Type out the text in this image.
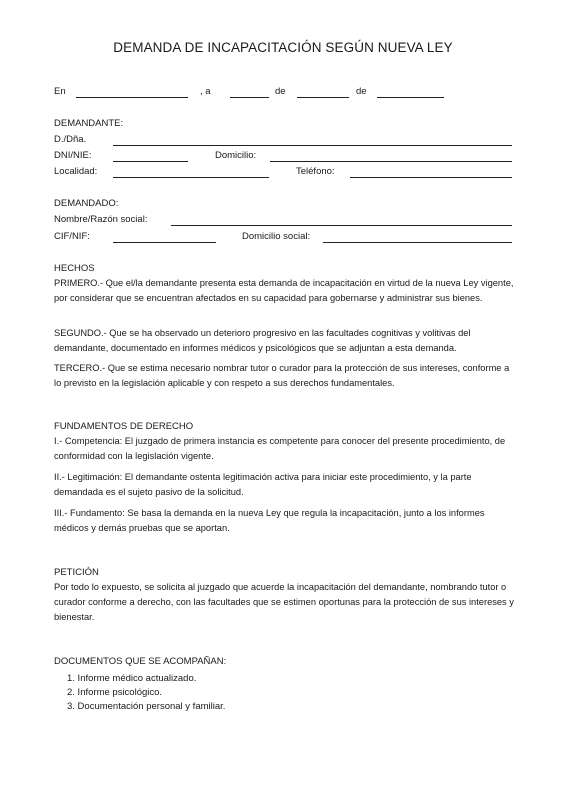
DEMANDA DE INCAPACITACIÓN SEGÚN NUEVA LEY
En	, a	de	de
DEMANDANTE:
D./Dña.
DNI/NIE:	Domicilio:
Localidad:	Teléfono:
DEMANDADO:
Nombre/Razón social:
CIF/NIF:	Domicilio social:
HECHOS

PRIMERO.- Que el/la demandante presenta esta demanda de incapacitación en virtud de la nueva Ley vigente, por considerar que se encuentran afectados en su capacidad para gobernarse y administrar sus bienes.

SEGUNDO.- Que se ha observado un deterioro progresivo en las facultades cognitivas y volitivas del demandante, documentado en informes médicos y psicológicos que se adjuntan a esta demanda.

TERCERO.- Que se estima necesario nombrar tutor o curador para la protección de sus intereses, conforme a lo previsto en la legislación aplicable y con respeto a sus derechos fundamentales.

FUNDAMENTOS DE DERECHO

I.- Competencia: El juzgado de primera instancia es competente para conocer del presente procedimiento, de conformidad con la legislación vigente.

II.- Legitimación: El demandante ostenta legitimación activa para iniciar este procedimiento, y la parte demandada es el sujeto pasivo de la solicitud.

III.- Fundamento: Se basa la demanda en la nueva Ley que regula la incapacitación, junto a los informes médicos y demás pruebas que se aportan.

PETICIÓN

Por todo lo expuesto, se solicita al juzgado que acuerde la incapacitación del demandante, nombrando tutor o curador conforme a derecho, con las facultades que se estimen oportunas para la protección de sus intereses y bienestar.

DOCUMENTOS QUE SE ACOMPAÑAN:
1. Informe médico actualizado.
2. Informe psicológico.
3. Documentación personal y familiar.
